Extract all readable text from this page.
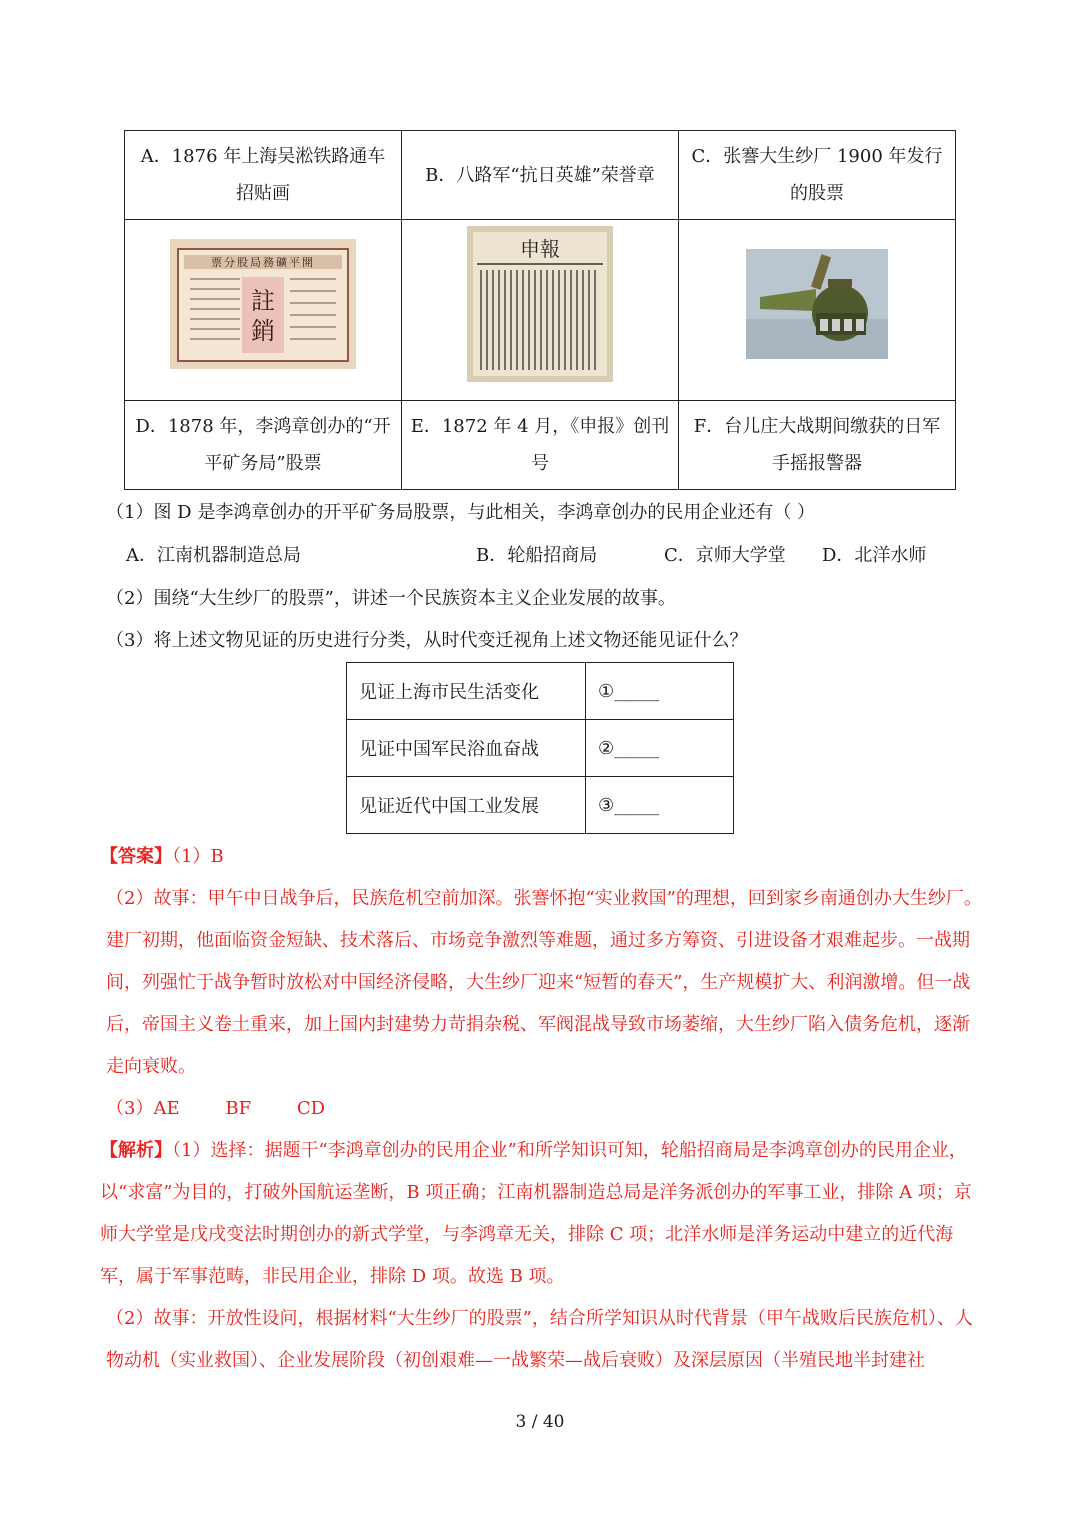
A．1876 年上海吴淞铁路通车招贴画	B．八路军“抗日英雄”荣誉章	C．张謇大生纱厂 1900 年发行的股票

票分股局務礦平開
註
銷	申報

D．1878 年，李鸿章创办的“开平矿务局”股票	E．1872 年 4 月，《申报》创刊号	F．台儿庄大战期间缴获的日军手摇报警器
（1）图 D 是李鸿章创办的开平矿务局股票，与此相关，李鸿章创办的民用企业还有（ ）
A．江南机器制造总局	B．轮船招商局	C．京师大学堂 D．北洋水师
（2）围绕“大生纱厂的股票”，讲述一个民族资本主义企业发展的故事。
（3）将上述文物见证的历史进行分类，从时代变迁视角上述文物还能见证什么？
见证上海市民生活变化	①_____
见证中国军民浴血奋战	②_____
见证近代中国工业发展	③_____

【答案】（1）B

（2）故事：甲午中日战争后，民族危机空前加深。张謇怀抱“实业救国”的理想，回到家乡南通创办大生纱厂。建厂初期，他面临资金短缺、技术落后、市场竞争激烈等难题，通过多方筹资、引进设备才艰难起步。一战期间，列强忙于战争暂时放松对中国经济侵略，大生纱厂迎来“短暂的春天”，生产规模扩大、利润激增。但一战后，帝国主义卷土重来，加上国内封建势力苛捐杂税、军阀混战导致市场萎缩，大生纱厂陷入债务危机，逐渐走向衰败。

（3）AE        BF        CD

【解析】（1）选择：据题干“李鸿章创办的民用企业”和所学知识可知，轮船招商局是李鸿章创办的民用企业，以“求富”为目的，打破外国航运垄断，B 项正确；江南机器制造总局是洋务派创办的军事工业，排除 A 项；京师大学堂是戊戌变法时期创办的新式学堂，与李鸿章无关，排除 C 项；北洋水师是洋务运动中建立的近代海军，属于军事范畴，非民用企业，排除 D 项。故选 B 项。

（2）故事：开放性设问，根据材料“大生纱厂的股票”，结合所学知识从时代背景（甲午战败后民族危机）、人物动机（实业救国）、企业发展阶段（初创艰难—一战繁荣—战后衰败）及深层原因（半殖民地半封建社

3 / 40
